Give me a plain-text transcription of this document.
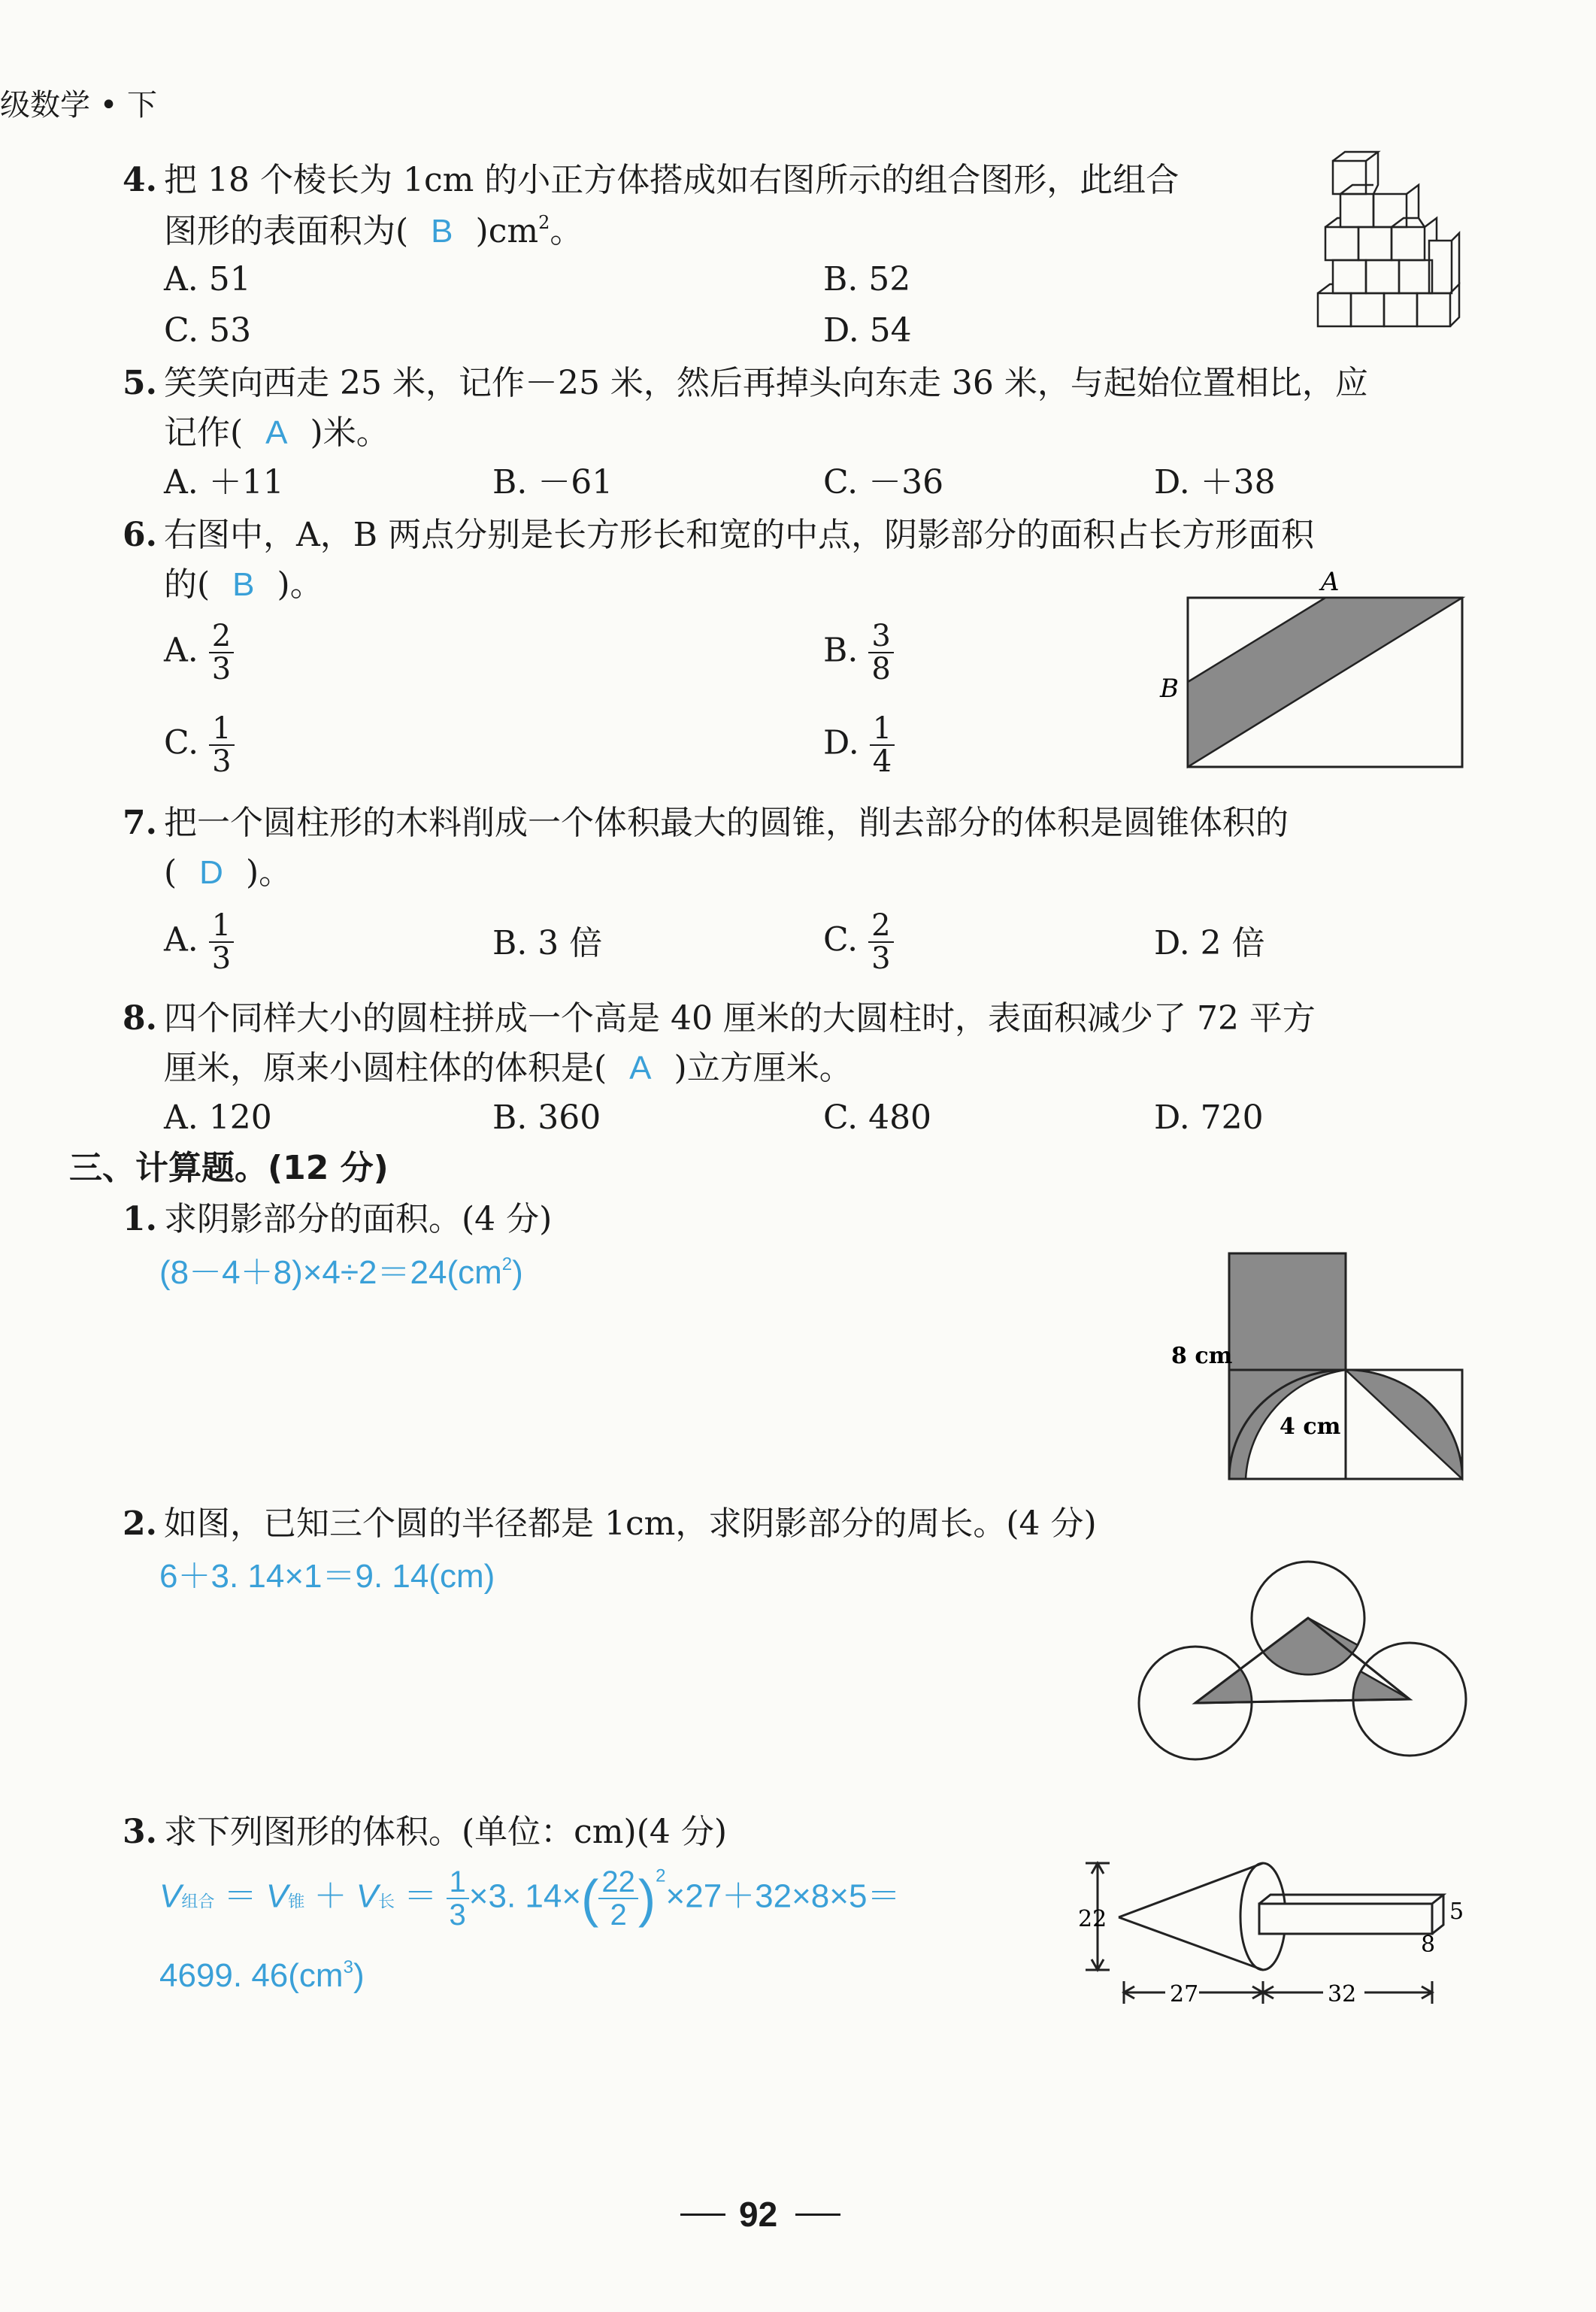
级数学 • 下
4. 把 18 个棱长为 1cm 的小正方体搭成如右图所示的组合图形，此组合
图形的表面积为( B )$cm^2$。
A. 51	B. 52
C. 53	D. 54
5. 笑笑向西走 25 米，记作－25 米，然后再掉头向东走 36 米，与起始位置相比，应
记作( A )米。
A. ＋11	B. －61	C. －36	D. ＋38
6. 右图中，A，B 两点分别是长方形长和宽的中点，阴影部分的面积占长方形面积
的( B )。
A. $\frac{2}{3}$	B. $\frac{3}{8}$
C. $\frac{1}{3}$	D. $\frac{1}{4}$
A
B
7. 把一个圆柱形的木料削成一个体积最大的圆锥，削去部分的体积是圆锥体积的
( D )。
A. $\frac{1}{3}$	B. 3 倍	C. $\frac{2}{3}$	D. 2 倍
8. 四个同样大小的圆柱拼成一个高是 40 厘米的大圆柱时，表面积减少了 72 平方
厘米，原来小圆柱体的体积是( A )立方厘米。
A. 120	B. 360	C. 480	D. 720
三、计算题。(12 分)
1. 求阴影部分的面积。(4 分)
$(8-4+8)\times 4\div 2=24(cm^2)$
8 cm
4 cm
2. 如图，已知三个圆的半径都是 1cm，求阴影部分的周长。(4 分)
6＋3. 14×1＝9. 14(cm)
3. 求下列图形的体积。(单位：cm)(4 分)
V组合 ＝ V锥 ＋ V长 ＝ $\frac{1}{3} \times 3$. $14\times( \frac{22}{2} )^2\times 27+32\times 8\times 5=$
4699. $46(cm^3)$
22
27	32
5
8
92
